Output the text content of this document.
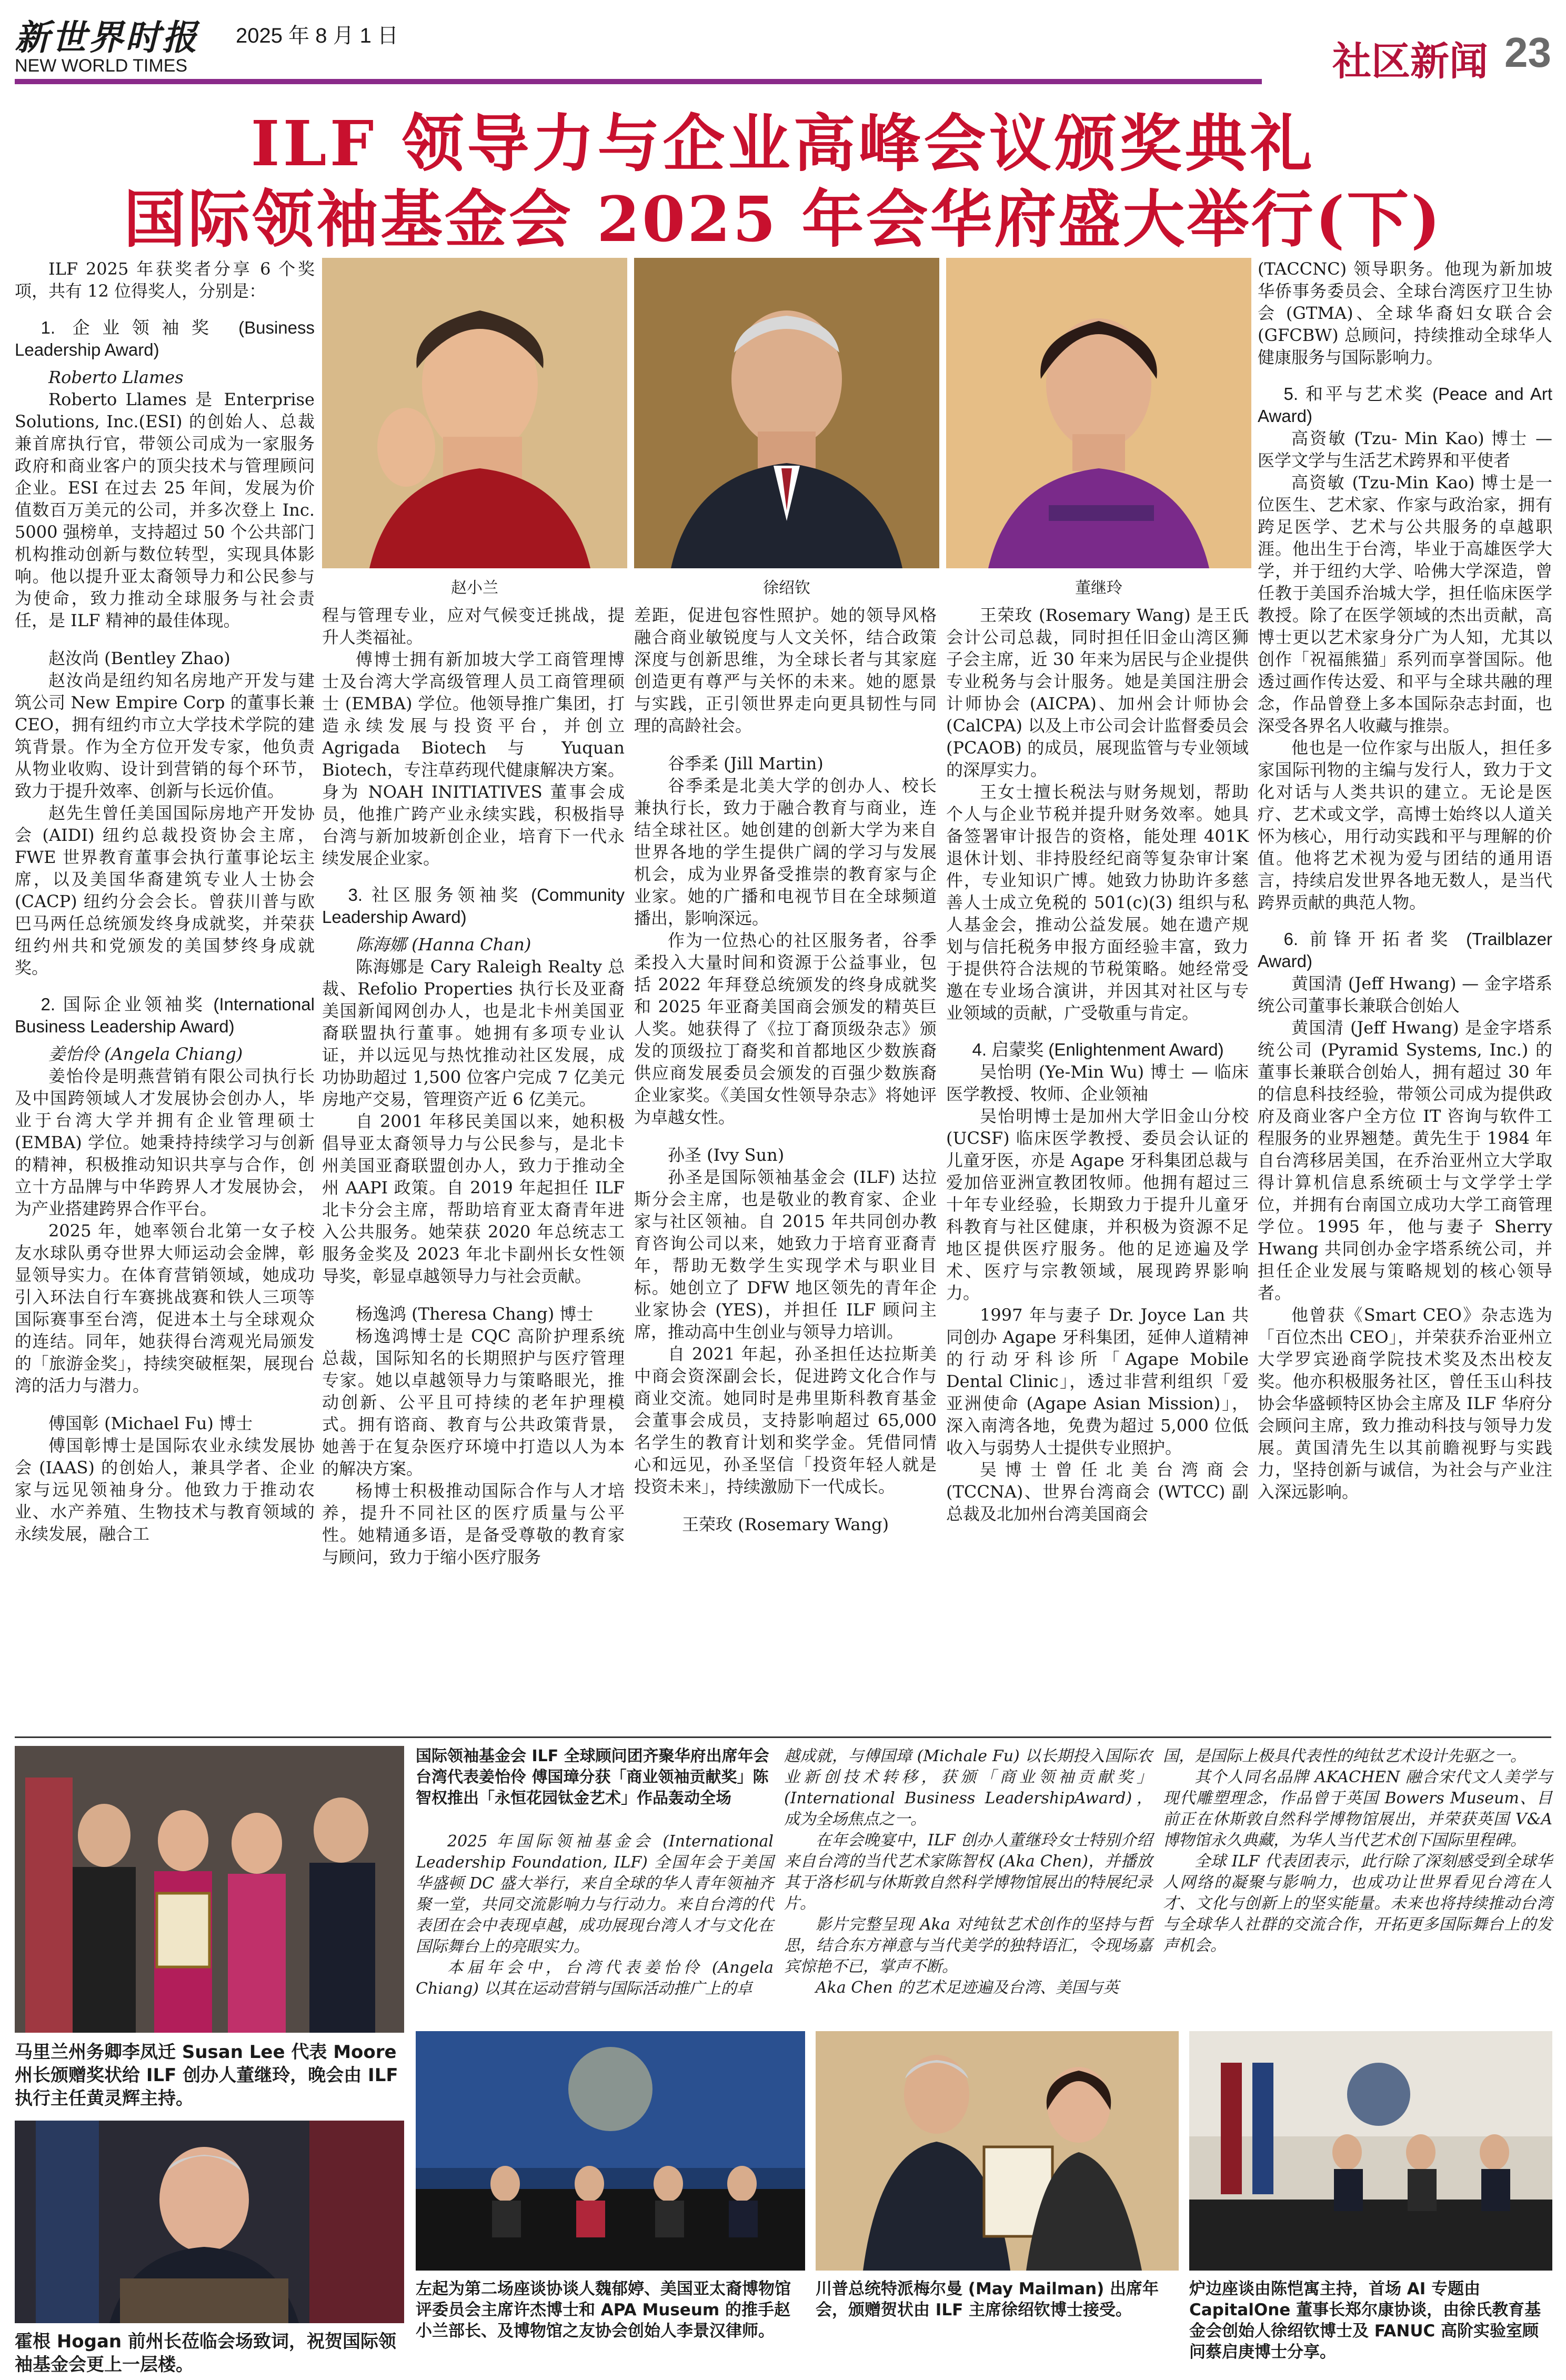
新世界时报 2025 年 8 月 1 日
NEW WORLD TIMES	社区新闻 23
ILF 领导力与企业高峰会议颁奖典礼
国际领袖基金会 2025 年会华府盛大举行(下)

ILF 2025 年获奖者分享 6 个奖项，共有 12 位得奖人，分别是：

1. 企业领袖奖 (Business Leadership Award)

Roberto Llames

Roberto Llames 是 Enterprise Solutions, Inc.(ESI) 的创始人、总裁兼首席执行官，带领公司成为一家服务政府和商业客户的顶尖技术与管理顾问企业。ESI 在过去 25 年间，发展为价值数百万美元的公司，并多次登上 Inc. 5000 强榜单，支持超过 50 个公共部门机构推动创新与数位转型，实现具体影响。他以提升亚太裔领导力和公民参与为使命，致力推动全球服务与社会责任，是 ILF 精神的最佳体现。

赵汝尚 (Bentley Zhao)

赵汝尚是纽约知名房地产开发与建筑公司 New Empire Corp 的董事长兼 CEO，拥有纽约市立大学技术学院的建筑背景。作为全方位开发专家，他负责从物业收购、设计到营销的每个环节，致力于提升效率、创新与长远价值。

赵先生曾任美国国际房地产开发协会 (AIDI) 纽约总裁投资协会主席，FWE 世界教育董事会执行董事论坛主席，以及美国华裔建筑专业人士协会 (CACP) 纽约分会会长。曾获川普与欧巴马两任总统颁发终身成就奖，并荣获纽约州共和党颁发的美国梦终身成就奖。

2. 国际企业领袖奖 (International Business Leadership Award)

姜怡伶 (Angela Chiang)

姜怡伶是明燕营销有限公司执行长及中国跨领域人才发展协会创办人，毕业于台湾大学并拥有企业管理硕士 (EMBA) 学位。她秉持持续学习与创新的精神，积极推动知识共享与合作，创立十方品牌与中华跨界人才发展协会，为产业搭建跨界合作平台。

2025 年，她率领台北第一女子校友水球队勇夺世界大师运动会金牌，彰显领导实力。在体育营销领域，她成功引入环法自行车赛挑战赛和铁人三项等国际赛事至台湾，促进本土与全球观众的连结。同年，她获得台湾观光局颁发的「旅游金奖」，持续突破框架，展现台湾的活力与潜力。

傅国彰 (Michael Fu) 博士

傅国彰博士是国际农业永续发展协会 (IAAS) 的创始人，兼具学者、企业家与远见领袖身分。他致力于推动农业、水产养殖、生物技术与教育领域的永续发展，融合工

赵小兰	徐绍钦	董继玲

程与管理专业，应对气候变迁挑战，提升人类福祉。

傅博士拥有新加坡大学工商管理博士及台湾大学高级管理人员工商管理硕士 (EMBA) 学位。他领导推广集团，打造永续发展与投资平台，并创立 Agrigada Biotech 与 Yuquan Biotech，专注草药现代健康解决方案。身为 NOAH INITIATIVES 董事会成员，他推广跨产业永续实践，积极指导台湾与新加坡新创企业，培育下一代永续发展企业家。

3. 社区服务领袖奖 (Community Leadership Award)

陈海娜 (Hanna Chan)

陈海娜是 Cary Raleigh Realty 总裁、Refolio Properties 执行长及亚裔美国新闻网创办人，也是北卡州美国亚裔联盟执行董事。她拥有多项专业认证，并以远见与热忱推动社区发展，成功协助超过 1,500 位客户完成 7 亿美元房地产交易，管理资产近 6 亿美元。

自 2001 年移民美国以来，她积极倡导亚太裔领导力与公民参与，是北卡州美国亚裔联盟创办人，致力于推动全州 AAPI 政策。自 2019 年起担任 ILF 北卡分会主席，帮助培育亚太裔青年进入公共服务。她荣获 2020 年总统志工服务金奖及 2023 年北卡副州长女性领导奖，彰显卓越领导力与社会贡献。

杨逸鸿 (Theresa Chang) 博士

杨逸鸿博士是 CQC 高阶护理系统总裁，国际知名的长期照护与医疗管理专家。她以卓越领导力与策略眼光，推动创新、公平且可持续的老年护理模式。拥有谘商、教育与公共政策背景，她善于在复杂医疗环境中打造以人为本的解决方案。

杨博士积极推动国际合作与人才培养，提升不同社区的医疗质量与公平性。她精通多语，是备受尊敬的教育家与顾问，致力于缩小医疗服务

差距，促进包容性照护。她的领导风格融合商业敏锐度与人文关怀，结合政策深度与创新思维，为全球长者与其家庭创造更有尊严与关怀的未来。她的愿景与实践，正引领世界走向更具韧性与同理的高龄社会。

谷季柔 (Jill Martin)

谷季柔是北美大学的创办人、校长兼执行长，致力于融合教育与商业，连结全球社区。她创建的创新大学为来自世界各地的学生提供广阔的学习与发展机会，成为业界备受推崇的教育家与企业家。她的广播和电视节目在全球频道播出，影响深远。

作为一位热心的社区服务者，谷季柔投入大量时间和资源于公益事业，包括 2022 年拜登总统颁发的终身成就奖和 2025 年亚裔美国商会颁发的精英巨人奖。她获得了《拉丁裔顶级杂志》颁发的顶级拉丁裔奖和首都地区少数族裔供应商发展委员会颁发的百强少数族裔企业家奖。《美国女性领导杂志》将她评为卓越女性。

孙圣 (Ivy Sun)

孙圣是国际领袖基金会 (ILF) 达拉斯分会主席，也是敬业的教育家、企业家与社区领袖。自 2015 年共同创办教育咨询公司以来，她致力于培育亚裔青年，帮助无数学生实现学术与职业目标。她创立了 DFW 地区领先的青年企业家协会 (YES)，并担任 ILF 顾问主席，推动高中生创业与领导力培训。

自 2021 年起，孙圣担任达拉斯美中商会资深副会长，促进跨文化合作与商业交流。她同时是弗里斯科教育基金会董事会成员，支持影响超过 65,000 名学生的教育计划和奖学金。凭借同情心和远见，孙圣坚信「投资年轻人就是投资未来」，持续激励下一代成长。

王荣玫 (Rosemary Wang)

王荣玫 (Rosemary Wang) 是王氏会计公司总裁，同时担任旧金山湾区狮子会主席，近 30 年来为居民与企业提供专业税务与会计服务。她是美国注册会计师协会 (AICPA)、加州会计师协会 (CalCPA) 以及上市公司会计监督委员会 (PCAOB) 的成员，展现监管与专业领域的深厚实力。

王女士擅长税法与财务规划，帮助个人与企业节税并提升财务效率。她具备签署审计报告的资格，能处理 401K 退休计划、非持股经纪商等复杂审计案件，专业知识广博。她致力协助许多慈善人士成立免税的 501(c)(3) 组织与私人基金会，推动公益发展。她在遗产规划与信托税务申报方面经验丰富，致力于提供符合法规的节税策略。她经常受邀在专业场合演讲，并因其对社区与专业领域的贡献，广受敬重与肯定。

4. 启蒙奖 (Enlightenment Award)

吴怡明 (Ye-Min Wu) 博士 — 临床医学教授、牧师、企业领袖

吴怡明博士是加州大学旧金山分校 (UCSF) 临床医学教授、委员会认证的儿童牙医，亦是 Agape 牙科集团总裁与爱加倍亚洲宣教团牧师。他拥有超过三十年专业经验，长期致力于提升儿童牙科教育与社区健康，并积极为资源不足地区提供医疗服务。他的足迹遍及学术、医疗与宗教领域，展现跨界影响力。

1997 年与妻子 Dr. Joyce Lan 共同创办 Agape 牙科集团，延伸人道精神的行动牙科诊所「Agape Mobile Dental Clinic」，透过非营利组织「爱亚洲使命 (Agape Asian Mission)」，深入南湾各地，免费为超过 5,000 位低收入与弱势人士提供专业照护。

吴博士曾任北美台湾商会 (TCCNA)、世界台湾商会 (WTCC) 副总裁及北加州台湾美国商会

(TACCNC) 领导职务。他现为新加坡华侨事务委员会、全球台湾医疗卫生协会 (GTMA)、全球华裔妇女联合会 (GFCBW) 总顾问，持续推动全球华人健康服务与国际影响力。

5. 和平与艺术奖 (Peace and Art Award)

高资敏 (Tzu- Min Kao) 博士 — 医学文学与生活艺术跨界和平使者

高资敏 (Tzu-Min Kao) 博士是一位医生、艺术家、作家与政治家，拥有跨足医学、艺术与公共服务的卓越职涯。他出生于台湾，毕业于高雄医学大学，并于纽约大学、哈佛大学深造，曾任教于美国乔治城大学，担任临床医学教授。除了在医学领域的杰出贡献，高博士更以艺术家身分广为人知，尤其以创作「祝福熊猫」系列而享誉国际。他透过画作传达爱、和平与全球共融的理念，作品曾登上多本国际杂志封面，也深受各界名人收藏与推崇。

他也是一位作家与出版人，担任多家国际刊物的主编与发行人，致力于文化对话与人类共识的建立。无论是医疗、艺术或文学，高博士始终以人道关怀为核心，用行动实践和平与理解的价值。他将艺术视为爱与团结的通用语言，持续启发世界各地无数人，是当代跨界贡献的典范人物。

6. 前锋开拓者奖 (Trailblazer Award)

黄国清 (Jeff Hwang) — 金字塔系统公司董事长兼联合创始人

黄国清 (Jeff Hwang) 是金字塔系统公司 (Pyramid Systems, Inc.) 的董事长兼联合创始人，拥有超过 30 年的信息科技经验，带领公司成为提供政府及商业客户全方位 IT 咨询与软件工程服务的业界翘楚。黄先生于 1984 年自台湾移居美国，在乔治亚州立大学取得计算机信息系统硕士与文学学士学位，并拥有台南国立成功大学工商管理学位。1995 年，他与妻子 Sherry Hwang 共同创办金字塔系统公司，并担任企业发展与策略规划的核心领导者。

他曾获《Smart CEO》杂志选为「百位杰出 CEO」，并荣获乔治亚州立大学罗宾逊商学院技术奖及杰出校友奖。他亦积极服务社区，曾任玉山科技协会华盛顿特区协会主席及 ILF 华府分会顾问主席，致力推动科技与领导力发展。黄国清先生以其前瞻视野与实践力，坚持创新与诚信，为社会与产业注入深远影响。

马里兰州务卿李凤迁 Susan Lee 代表 Moore 州长颁赠奖状给 ILF 创办人董继玲，晚会由 ILF 执行主任黄灵辉主持。
霍根 Hogan 前州长莅临会场致词，祝贺国际领袖基金会更上一层楼。
国际领袖基金会 ILF 全球顾问团齐聚华府出席年会 台湾代表姜怡伶 傅国璋分获「商业领袖贡献奖」陈智权推出「永恒花园钛金艺术」作品轰动全场

2025 年国际领袖基金会 (International Leadership Foundation, ILF) 全国年会于美国华盛顿 DC 盛大举行，来自全球的华人青年领袖齐聚一堂，共同交流影响力与行动力。来自台湾的代表团在会中表现卓越，成功展现台湾人才与文化在国际舞台上的亮眼实力。

本届年会中，台湾代表姜怡伶 (Angela Chiang) 以其在运动营销与国际活动推广上的卓

越成就，与傅国璋 (Michale Fu) 以长期投入国际农业新创技术转移，获颁「商业领袖贡献奖」(International Business LeadershipAward)，成为全场焦点之一。

在年会晚宴中，ILF 创办人董继玲女士特别介绍来自台湾的当代艺术家陈智权 (Aka Chen)，并播放其于洛杉矶与休斯敦自然科学博物馆展出的特展纪录片。

影片完整呈现 Aka 对纯钛艺术创作的坚持与哲思，结合东方禅意与当代美学的独特语汇，令现场嘉宾惊艳不已，掌声不断。

Aka Chen 的艺术足迹遍及台湾、美国与英

国，是国际上极具代表性的纯钛艺术设计先驱之一。

其个人同名品牌 AKACHEN 融合宋代文人美学与现代雕塑理念，作品曾于英国 Bowers Museum、目前正在休斯敦自然科学博物馆展出，并荣获英国 V&A 博物馆永久典藏，为华人当代艺术创下国际里程碑。

全球 ILF 代表团表示，此行除了深刻感受到全球华人网络的凝聚与影响力，也成功让世界看见台湾在人才、文化与创新上的坚实能量。未来也将持续推动台湾与全球华人社群的交流合作，开拓更多国际舞台上的发声机会。

左起为第二场座谈协谈人魏郁婷、美国亚太裔博物馆评委员会主席许杰博士和 APA Museum 的推手赵小兰部长、及博物馆之友协会创始人李景汉律师。
川普总统特派梅尔曼 (May Mailman) 出席年会，颁赠贺状由 ILF 主席徐绍钦博士接受。
炉边座谈由陈恺寓主持，首场 AI 专题由 CapitalOne 董事长郑尔康协谈，由徐氏教育基金会创始人徐绍钦博士及 FANUC 高阶实验室顾问蔡启庚博士分享。
